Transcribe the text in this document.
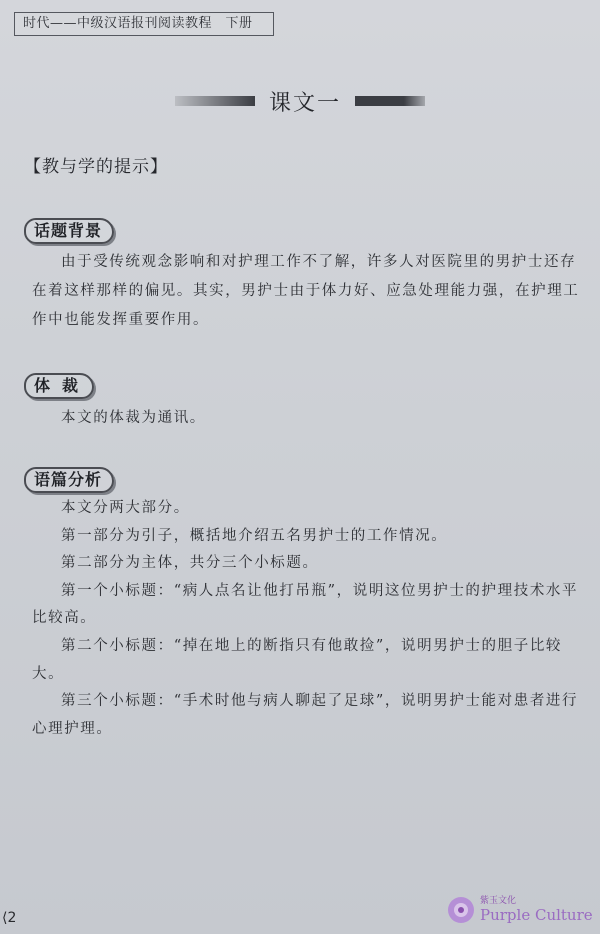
时代——中级汉语报刊阅读教程　下册
课文一
【教与学的提示】
话题背景
由于受传统观念影响和对护理工作不了解，许多人对医院里的男护士还存在着这样那样的偏见。其实，男护士由于体力好、应急处理能力强，在护理工作中也能发挥重要作用。
体裁
本文的体裁为通讯。
语篇分析

本文分两大部分。

第一部分为引子，概括地介绍五名男护士的工作情况。

第二部分为主体，共分三个小标题。

第一个小标题：“病人点名让他打吊瓶”，说明这位男护士的护理技术水平比较高。

第二个小标题：“掉在地上的断指只有他敢捡”，说明男护士的胆子比较大。

第三个小标题：“手术时他与病人聊起了足球”，说明男护士能对患者进行心理护理。

⟨2
紫玉文化
Purple Culture
